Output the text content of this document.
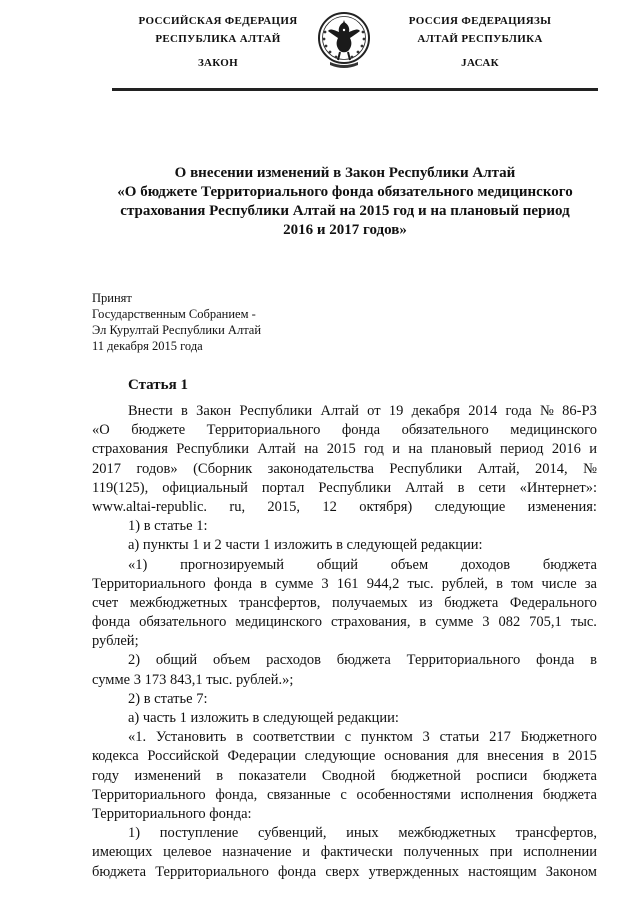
РОССИЙСКАЯ ФЕДЕРАЦИЯ
РЕСПУБЛИКА АЛТАЙ
ЗАКОН
РОССИЯ ФЕДЕРАЦИЯЗЫ
АЛТАЙ РЕСПУБЛИКА
ЈАСАК
О внесении изменений в Закон Республики Алтай
«О бюджете Территориального фонда обязательного медицинского
страхования Республики Алтай на 2015 год и на плановый период
2016 и 2017 годов»
Принят
Государственным Собранием -
Эл Курултай Республики Алтай
11 декабря 2015 года
Статья 1
Внести в Закон Республики Алтай от 19 декабря 2014 года № 86-РЗ
«О бюджете Территориального фонда обязательного медицинского
страхования Республики Алтай на 2015 год и на плановый период 2016 и
2017 годов» (Сборник законодательства Республики Алтай, 2014, №
119(125), официальный портал Республики Алтай в сети «Интернет»:
www.altai-republic. ru, 2015, 12 октября) следующие изменения:
1) в статье 1:
а) пункты 1 и 2 части 1 изложить в следующей редакции:
«1) прогнозируемый общий объем доходов бюджета
Территориального фонда в сумме 3 161 944,2 тыс. рублей, в том числе за
счет межбюджетных трансфертов, получаемых из бюджета Федерального
фонда обязательного медицинского страхования, в сумме 3 082 705,1 тыс.
рублей;
2) общий объем расходов бюджета Территориального фонда в
сумме 3 173 843,1 тыс. рублей.»;
2) в статье 7:
а) часть 1 изложить в следующей редакции:
«1. Установить в соответствии с пунктом 3 статьи 217 Бюджетного
кодекса Российской Федерации следующие основания для внесения в 2015
году изменений в показатели Сводной бюджетной росписи бюджета
Территориального фонда, связанные с особенностями исполнения бюджета
Территориального фонда:
1) поступление субвенций, иных межбюджетных трансфертов,
имеющих целевое назначение и фактически полученных при исполнении
бюджета Территориального фонда сверх утвержденных настоящим Законом
